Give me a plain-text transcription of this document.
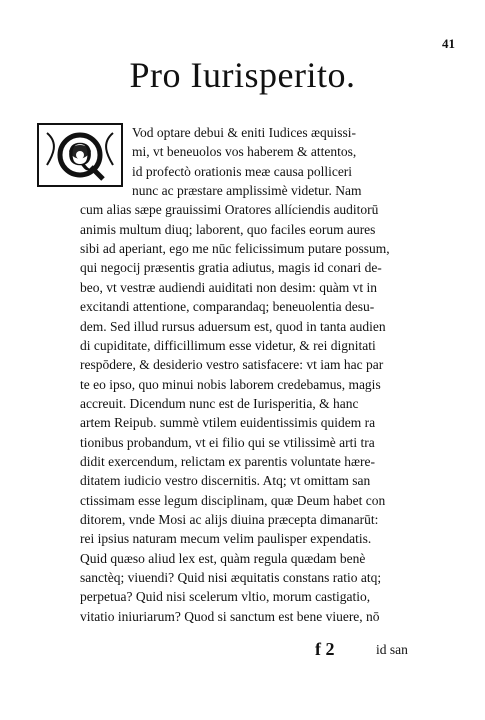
41
Pro Iurisperito.
Q
Vod optare debui & eniti Iudices æquissi-
mi, vt beneuolos vos haberem & attentos,
id profectò orationis meæ causa polliceri
nunc ac præstare amplissimè videtur. Nam
cum alias sæpe grauissimi Oratores allíciendis auditorū
animis multum diuq; laborent, quo faciles eorum aures
sibi ad aperiant, ego me nūc felicissimum putare possum,
qui negocij præsentis gratia adiutus, magis id conari de-
beo, vt vestræ audiendi auiditati non desim: quàm vt in
excitandi attentione, comparandaq; beneuolentia desu-
dem. Sed illud rursus aduersum est, quod in tanta audien
di cupiditate, difficillimum esse videtur, & rei dignitati
respōdere, & desiderio vestro satisfacere: vt iam hac par
te eo ipso, quo minui nobis laborem credebamus, magis
accreuit. Dicendum nunc est de Iurisperitia, & hanc
artem Reipub. summè vtilem euidentissimis quidem ra
tionibus probandum, vt ei filio qui se vtilissimè arti tra
didit exercendum, relictam ex parentis voluntate hære-
ditatem iudicio vestro discernitis. Atq; vt omittam san
ctissimam esse legum disciplinam, quæ Deum habet con
ditorem, vnde Mosi ac alijs diuina præcepta dimanarūt:
rei ipsius naturam mecum velim paulisper expendatis.
Quid quæso aliud lex est, quàm regula quædam benè
sanctèq; viuendi? Quid nisi æquitatis constans ratio atq;
perpetua? Quid nisi scelerum vltio, morum castigatio,
vitatio iniuriarum? Quod si sanctum est bene viuere, nō
f 2	id san
